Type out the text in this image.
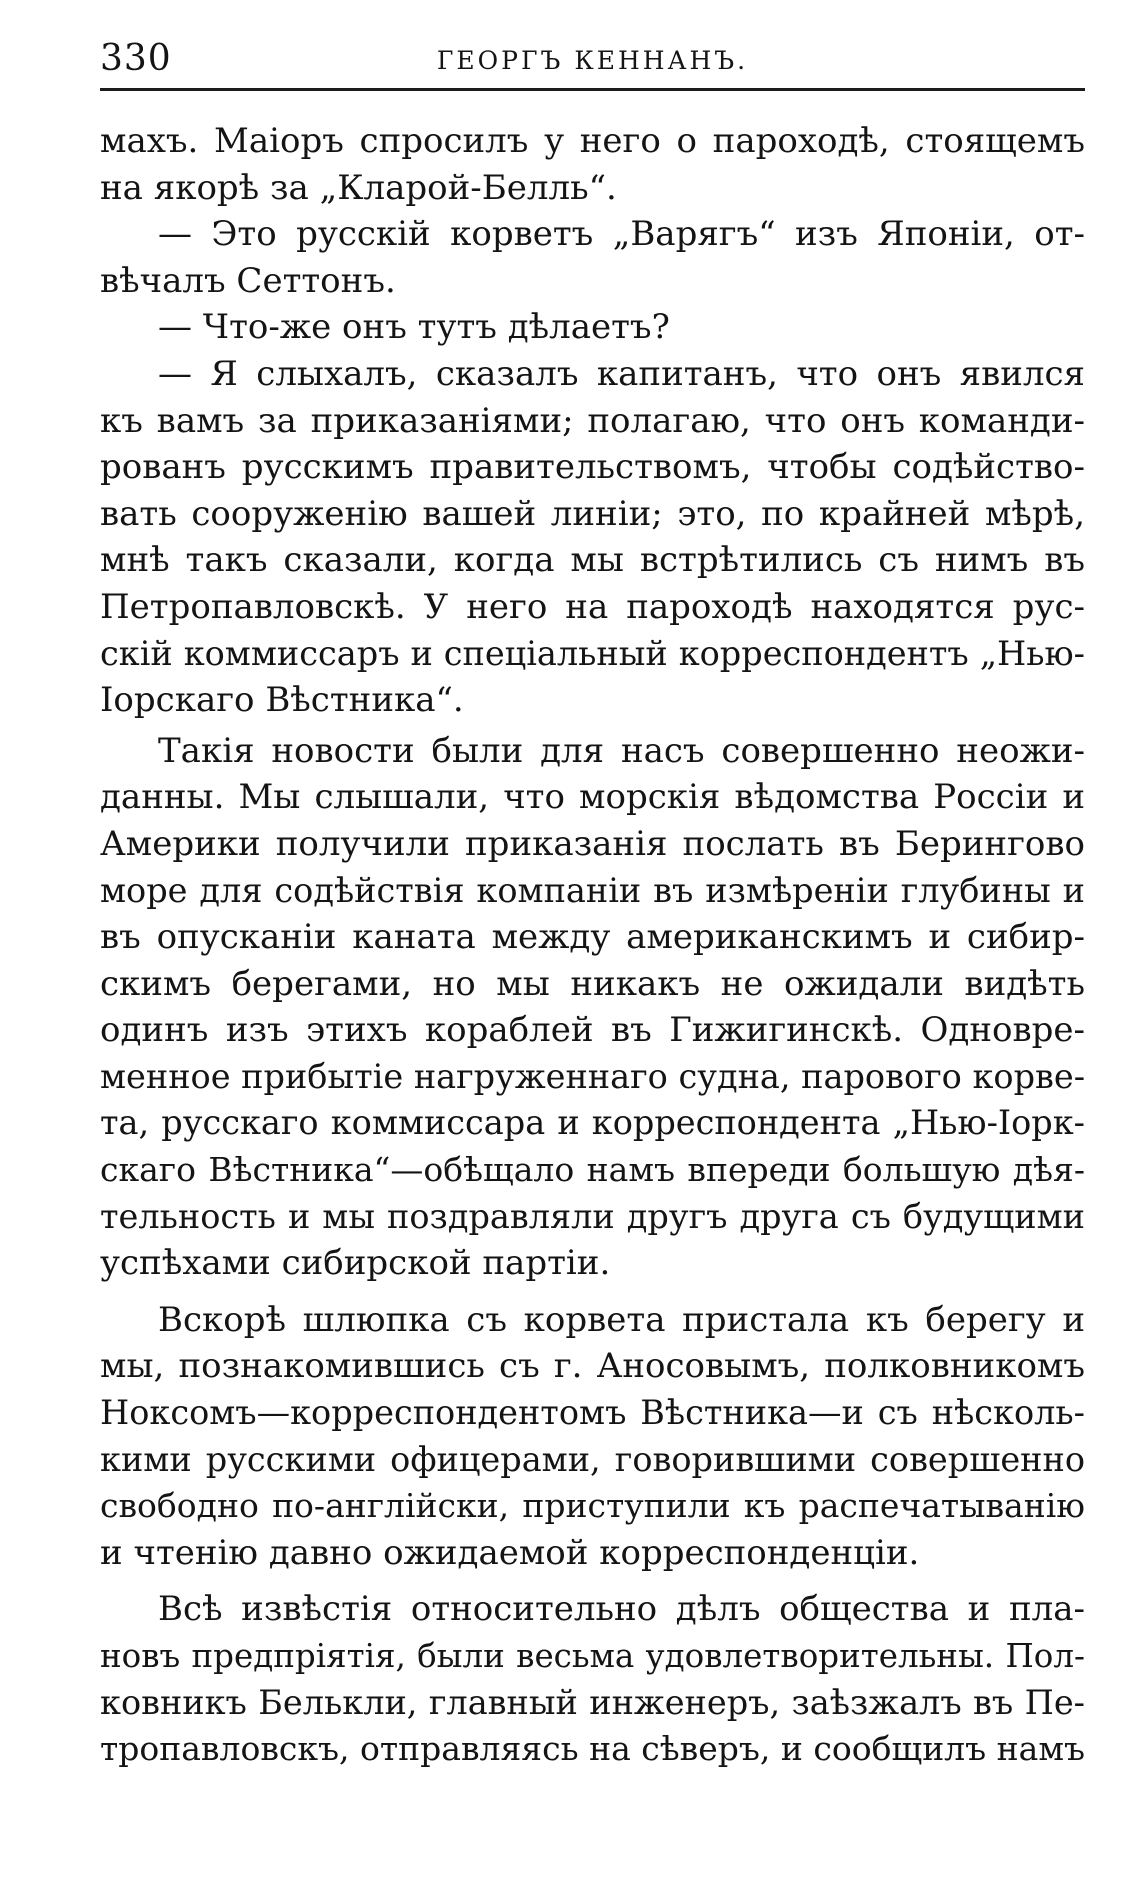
330	ГЕОРГЪ КЕННАНЪ.
махъ. Маіоръ спросилъ у него о пароходѣ, стоящемъ
на якорѣ за „Кларой-Белль“.
— Это русскій корветъ „Варягъ“ изъ Японіи, от-
вѣчалъ Сеттонъ.
— Что-же онъ тутъ дѣлаетъ?
— Я слыхалъ, сказалъ капитанъ, что онъ явился
къ вамъ за приказаніями; полагаю, что онъ команди-
рованъ русскимъ правительствомъ, чтобы содѣйство-
вать сооруженію вашей линіи; это, по крайней мѣрѣ,
мнѣ такъ сказали, когда мы встрѣтились съ нимъ въ
Петропавловскѣ. У него на пароходѣ находятся рус-
скій коммиссаръ и спеціальный корреспондентъ „Нью-
Іорскаго Вѣстника“.
Такія новости были для насъ совершенно неожи-
данны. Мы слышали, что морскія вѣдомства Россіи и
Америки получили приказанія послать въ Берингово
море для содѣйствія компаніи въ измѣреніи глубины и
въ опусканіи каната между американскимъ и сибир-
скимъ берегами, но мы никакъ не ожидали видѣть
одинъ изъ этихъ кораблей въ Гижигинскѣ. Одновре-
менное прибытіе нагруженнаго судна, парового корве-
та, русскаго коммиссара и корреспондента „Нью-Іорк-
скаго Вѣстника“—обѣщало намъ впереди большую дѣя-
тельность и мы поздравляли другъ друга съ будущими
успѣхами сибирской партіи.
Вскорѣ шлюпка съ корвета пристала къ берегу и
мы, познакомившись съ г. Аносовымъ, полковникомъ
Ноксомъ—корреспондентомъ Вѣстника—и съ нѣсколь-
кими русскими офицерами, говорившими совершенно
свободно по-англійски, приступили къ распечатыванію
и чтенію давно ожидаемой корреспонденціи.
Всѣ извѣстія относительно дѣлъ общества и пла-
новъ предпріятія, были весьма удовлетворительны. Пол-
ковникъ Белькли, главный инженеръ, заѣзжалъ въ Пе-
тропавловскъ, отправляясь на сѣверъ, и сообщилъ намъ
